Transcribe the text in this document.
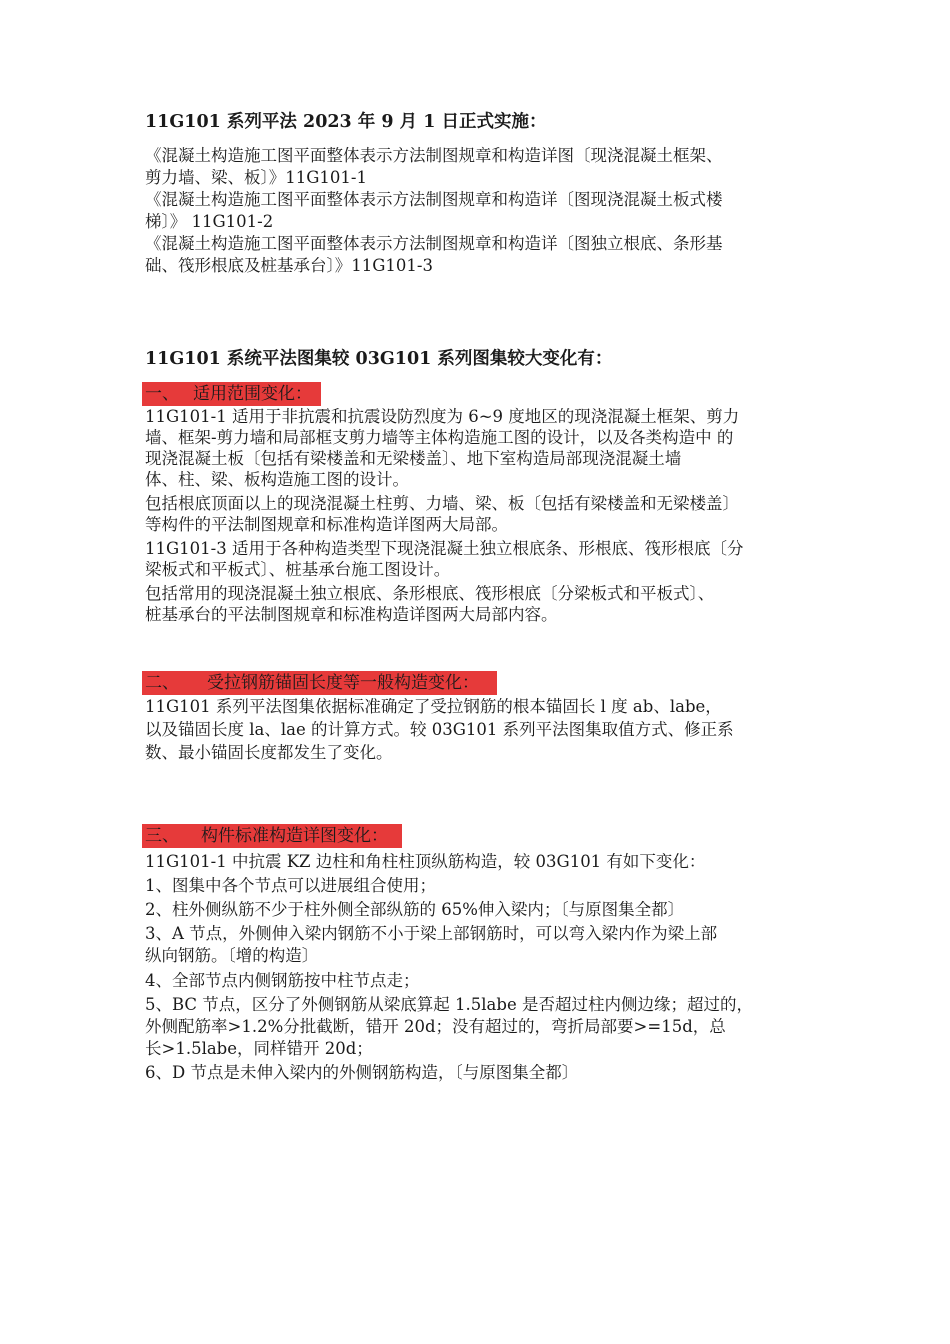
11G101 系列平法 2023 年 9 月 1 日正式实施：
《混凝土构造施工图平面整体表示方法制图规章和构造详图〔现浇混凝土框架、
剪力墙、梁、板〕》11G101-1
《混凝土构造施工图平面整体表示方法制图规章和构造详〔图现浇混凝土板式楼
梯〕》 11G101-2
《混凝土构造施工图平面整体表示方法制图规章和构造详〔图独立根底、条形基
础、筏形根底及桩基承台〕》11G101-3
11G101 系统平法图集较 03G101 系列图集较大变化有：
一、 适用范围变化：
11G101-1 适用于非抗震和抗震设防烈度为 6~9 度地区的现浇混凝土框架、剪力
墙、框架-剪力墙和局部框支剪力墙等主体构造施工图的设计，以及各类构造中 的
现浇混凝土板〔包括有梁楼盖和无梁楼盖〕、地下室构造局部现浇混凝土墙
体、柱、梁、板构造施工图的设计。
包括根底顶面以上的现浇混凝土柱剪、力墙、梁、板〔包括有梁楼盖和无梁楼盖〕
等构件的平法制图规章和标准构造详图两大局部。
11G101-3 适用于各种构造类型下现浇混凝土独立根底条、形根底、筏形根底〔分
梁板式和平板式〕、桩基承台施工图设计。
包括常用的现浇混凝土独立根底、条形根底、筏形根底〔分梁板式和平板式〕、
桩基承台的平法制图规章和标准构造详图两大局部内容。
二、 受拉钢筋锚固长度等一般构造变化：
11G101 系列平法图集依据标准确定了受拉钢筋的根本锚固长 l 度 ab、labe，
以及锚固长度 la、lae 的计算方式。较 03G101 系列平法图集取值方式、修正系
数、最小锚固长度都发生了变化。
三、 构件标准构造详图变化：
11G101-1 中抗震 KZ 边柱和角柱柱顶纵筋构造，较 03G101 有如下变化：
1、图集中各个节点可以进展组合使用；
2、柱外侧纵筋不少于柱外侧全部纵筋的 65%伸入梁内；〔与原图集全都〕
3、A 节点，外侧伸入梁内钢筋不小于梁上部钢筋时，可以弯入梁内作为梁上部
纵向钢筋。〔增的构造〕
4、全部节点内侧钢筋按中柱节点走；
5、BC 节点，区分了外侧钢筋从梁底算起 1.5labe 是否超过柱内侧边缘；超过的，
外侧配筋率>1.2%分批截断，错开 20d；没有超过的，弯折局部要>=15d，总
长>1.5labe，同样错开 20d；
6、D 节点是未伸入梁内的外侧钢筋构造，〔与原图集全都〕
